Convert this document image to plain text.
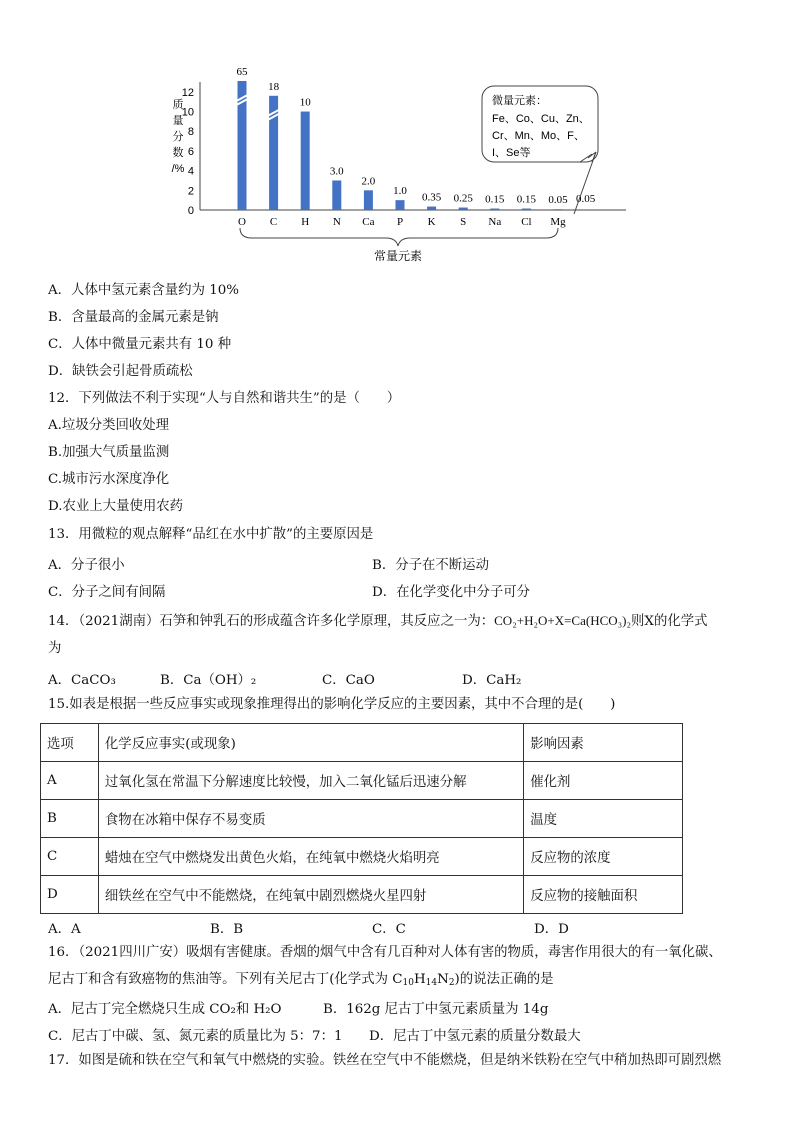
质
量
分
数
/%
0
2
4
6
8
10
12
65
18
10
3.0
2.0
1.0
0.35 0.25 0.15 0.15 0.05 0.05
O C H N Ca P K S Na Cl Mg
常量元素
微量元素：
Fe、Co、Cu、Zn、
Cr、Mn、Mo、F、
I、Se等
A．人体中氢元素含量约为 10%
B．含量最高的金属元素是钠
C．人体中微量元素共有 10 种
D．缺铁会引起骨质疏松
12．下列做法不利于实现“人与自然和谐共生”的是（　　）
A.垃圾分类回收处理
B.加强大气质量监测
C.城市污水深度净化
D.农业上大量使用农药
13．用微粒的观点解释“品红在水中扩散”的主要原因是
A．分子很小	B．分子在不断运动
C．分子之间有间隔	D．在化学变化中分子可分
14．（2021湖南）石笋和钟乳石的形成蕴含许多化学原理，其反应之一为：CO₂+H₂O+X=Ca(HCO₃)₂则X的化学式
为
A．CaCO₃	B．Ca（OH）₂	C．CaO	D．CaH₂
15.如表是根据一些反应事实或现象推理得出的影响化学反应的主要因素，其中不合理的是(　　)
选项	化学反应事实(或现象)	影响因素
A	过氧化氢在常温下分解速度比较慢，加入二氧化锰后迅速分解	催化剂
B	食物在冰箱中保存不易变质	温度
C	蜡烛在空气中燃烧发出黄色火焰，在纯氧中燃烧火焰明亮	反应物的浓度
D	细铁丝在空气中不能燃烧，在纯氧中剧烈燃烧火星四射	反应物的接触面积
A．A	B．B	C．C	D．D
16．（2021四川广安）吸烟有害健康。香烟的烟气中含有几百种对人体有害的物质，毒害作用很大的有一氧化碳、
尼古丁和含有致癌物的焦油等。下列有关尼古丁(化学式为 $C_{10}H_{14}N_2$)的说法正确的是
A．尼古丁完全燃烧只生成 CO₂和 H₂O	B．162g 尼古丁中氢元素质量为 14g
C．尼古丁中碳、氢、氮元素的质量比为 5：7：1 D．尼古丁中氢元素的质量分数最大
17．如图是硫和铁在空气和氧气中燃烧的实验。铁丝在空气中不能燃烧，但是纳米铁粉在空气中稍加热即可剧烈燃
